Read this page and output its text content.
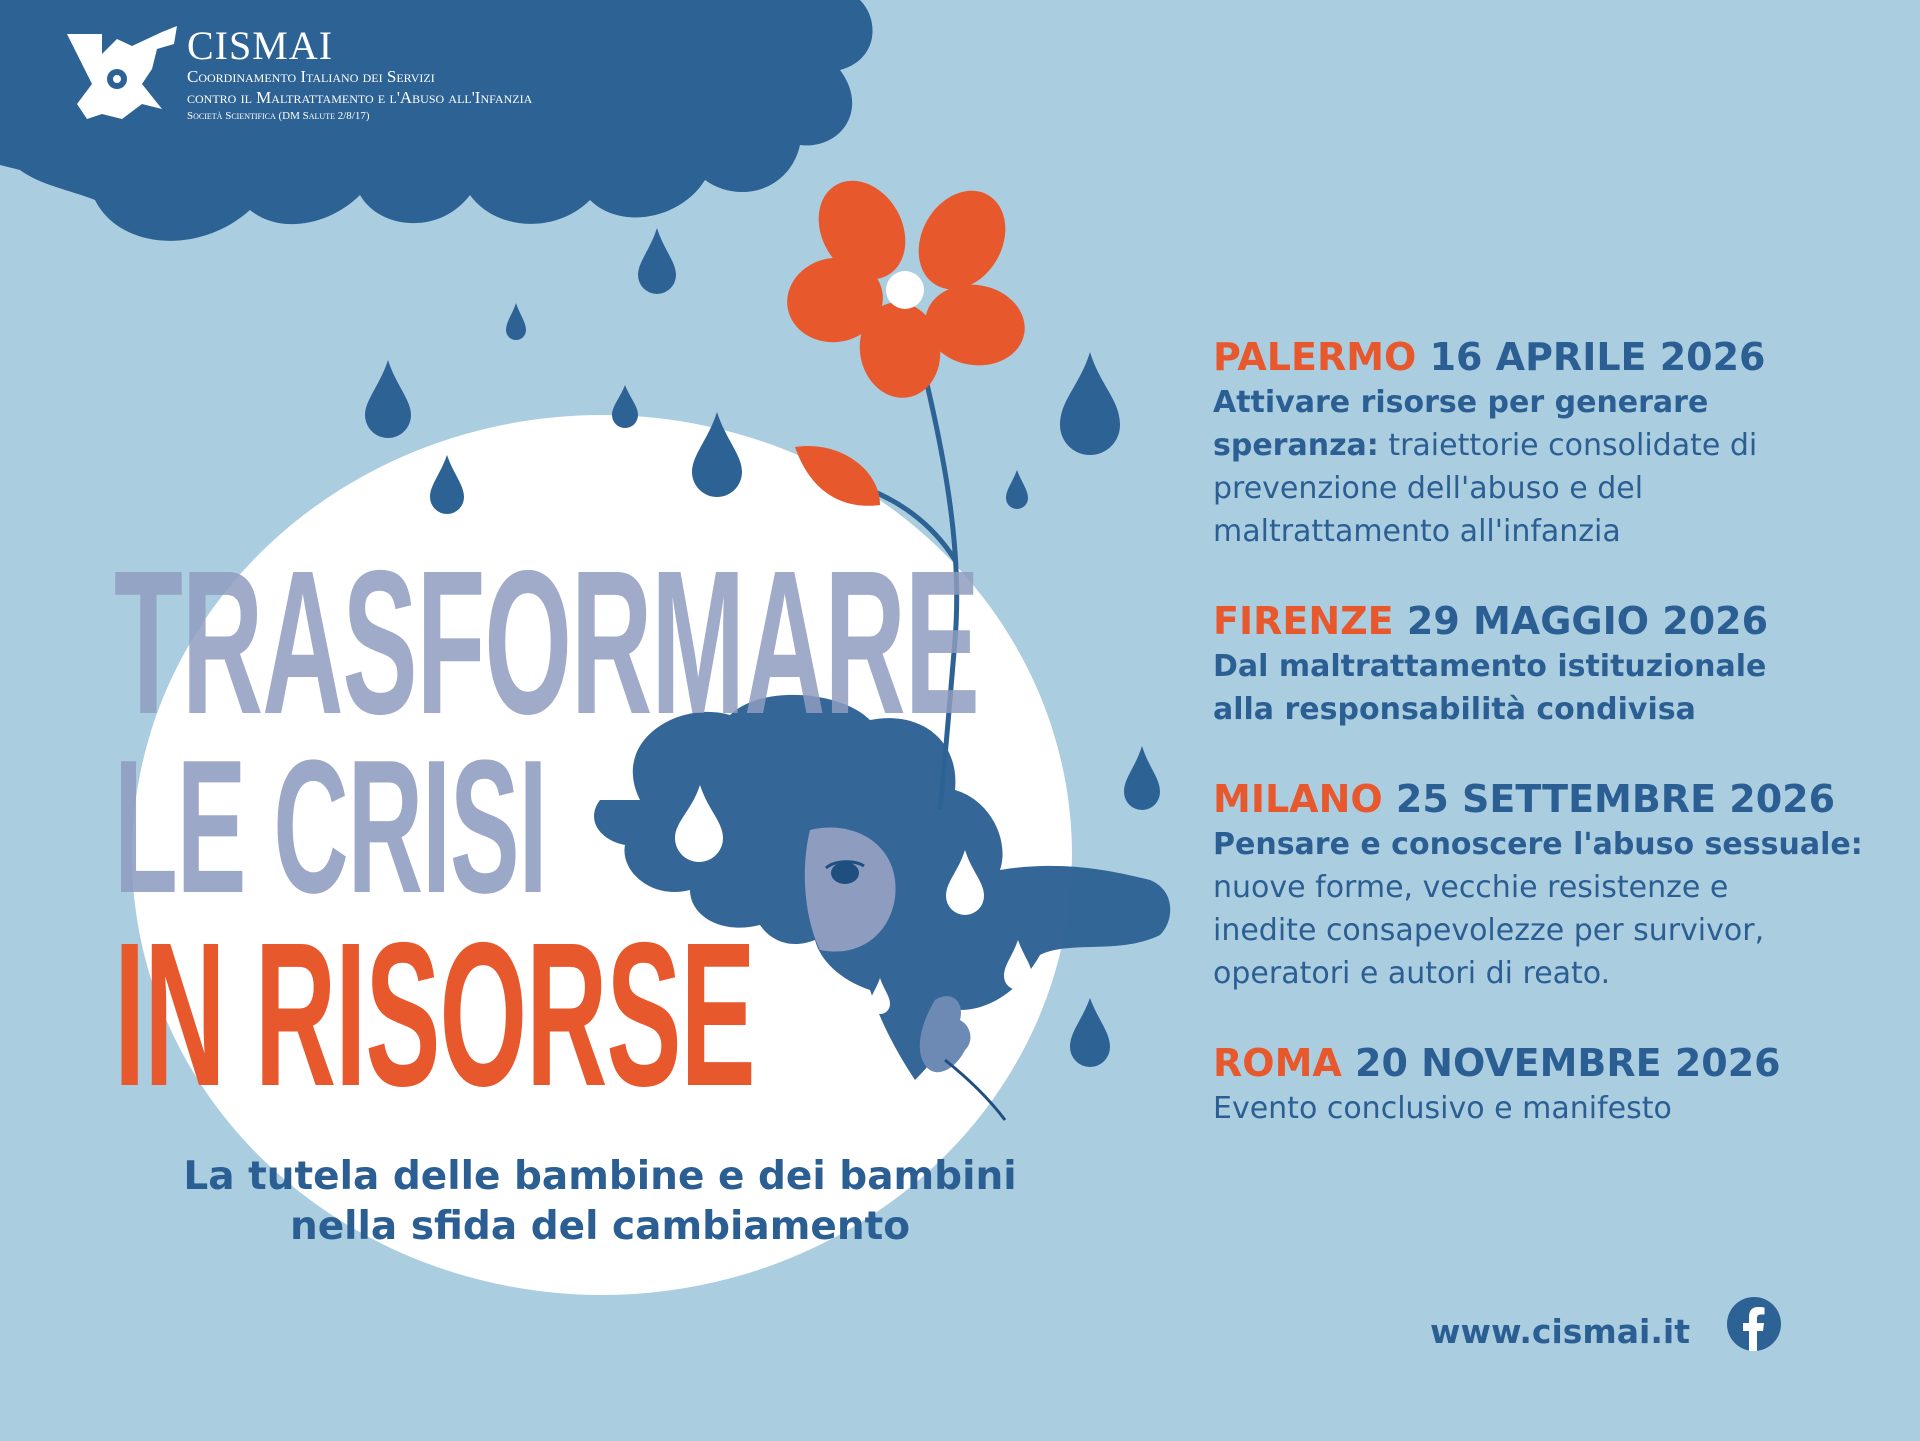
CISMAI
Coordinamento Italiano dei Servizi
contro il Maltrattamento e l'Abuso all'Infanzia
Società Scientifica (DM Salute 2/8/17)
TRASFORMARE
LE CRISI
IN RISORSE
La tutela delle bambine e dei bambini
nella sfida del cambiamento
PALERMO 16 APRILE 2026
Attivare risorse per generare speranza: traiettorie consolidate di prevenzione dell'abuso e del maltrattamento all'infanzia
FIRENZE 29 MAGGIO 2026
Dal maltrattamento istituzionale alla responsabilità condivisa
MILANO 25 SETTEMBRE 2026
Pensare e conoscere l'abuso sessuale:
nuove forme, vecchie resistenze e inedite consapevolezze per survivor, operatori e autori di reato.
ROMA 20 NOVEMBRE 2026
Evento conclusivo e manifesto
www.cismai.it
